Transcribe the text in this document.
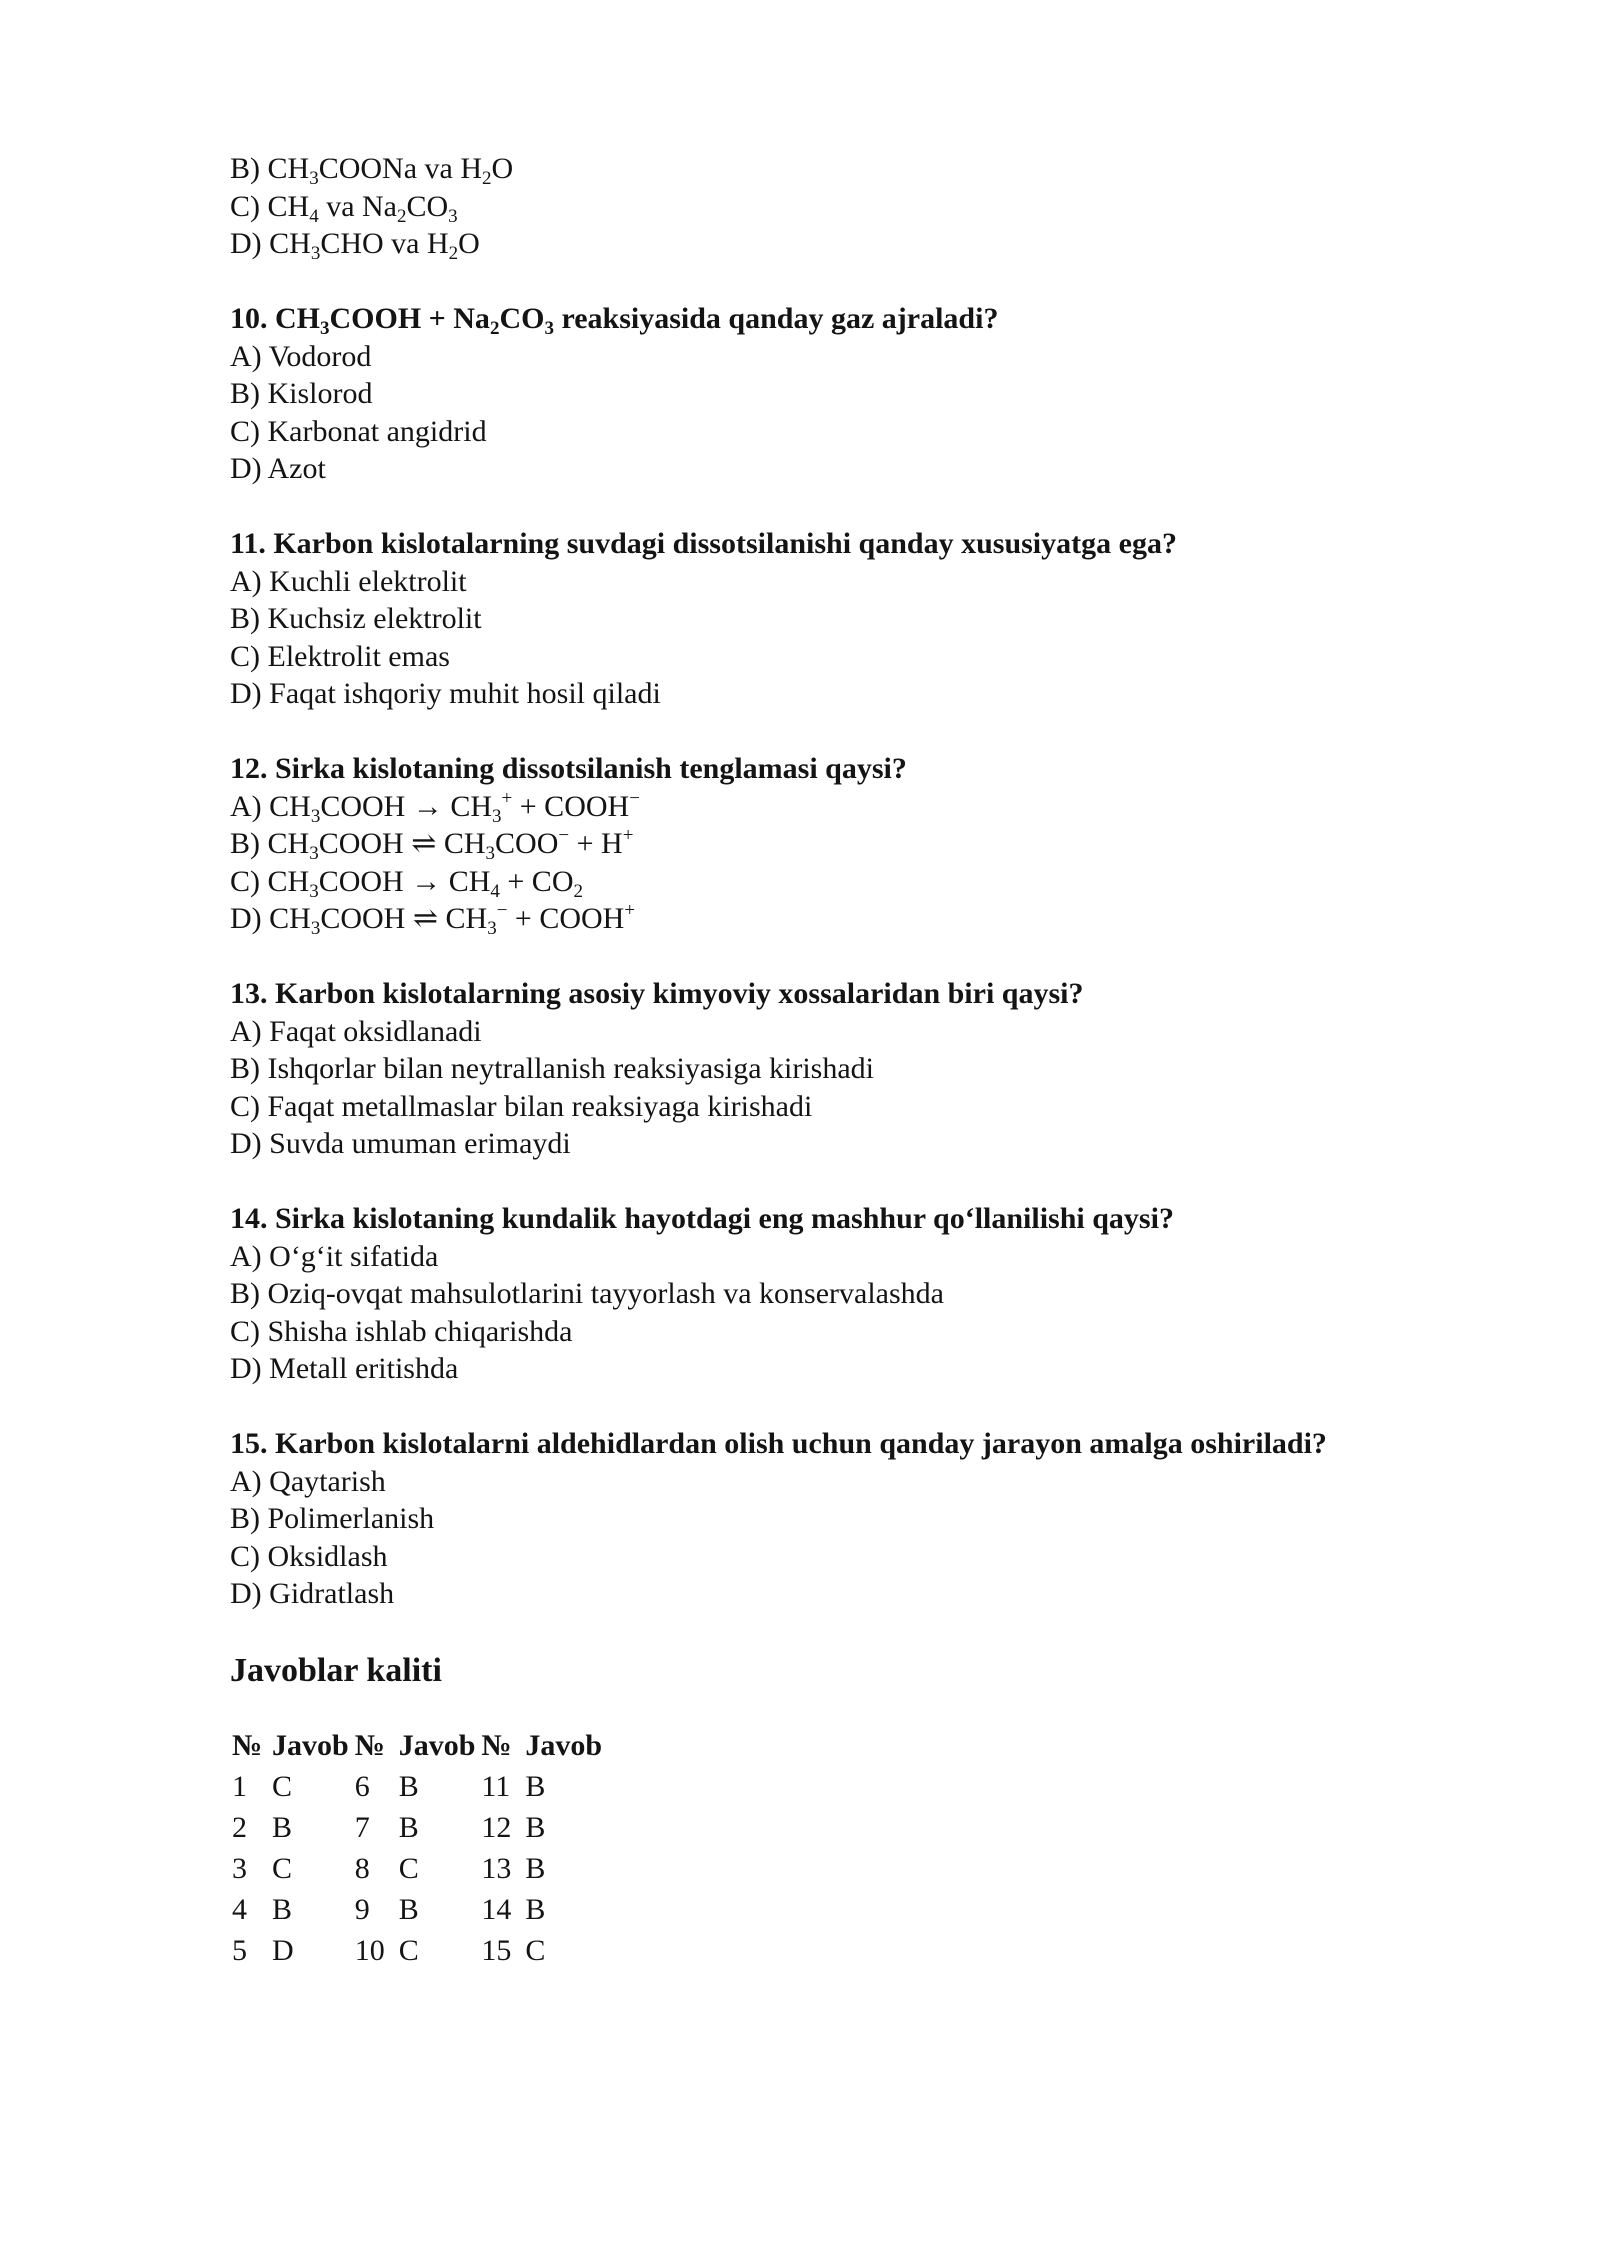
B) $CH_3COONa$ va $H_2O$
C) $CH_4$ va $Na_2CO_3$
D) $CH_3CHO$ va $H_2O$
10. $CH_3COOH + Na_2CO_3$ reaksiyasida qanday gaz ajraladi?
A) Vodorod
B) Kislorod
C) Karbonat angidrid
D) Azot
11. Karbon kislotalarning suvdagi dissotsilanishi qanday xususiyatga ega?
A) Kuchli elektrolit
B) Kuchsiz elektrolit
C) Elektrolit emas
D) Faqat ishqoriy muhit hosil qiladi
12. Sirka kislotaning dissotsilanish tenglamasi qaysi?
A) $CH_3COOH \to CH_3^+$ + COOH−
B) $CH_3COOH$ ⇌ $CH_3COO^- + H^+$
C) $CH_3COOH \to CH_4 + CO_2$
D) $CH_3COOH$ ⇌ $CH_3^-$ + COOH+
13. Karbon kislotalarning asosiy kimyoviy xossalaridan biri qaysi?
A) Faqat oksidlanadi
B) Ishqorlar bilan neytrallanish reaksiyasiga kirishadi
C) Faqat metallmaslar bilan reaksiyaga kirishadi
D) Suvda umuman erimaydi
14. Sirka kislotaning kundalik hayotdagi eng mashhur qo‘llanilishi qaysi?
A) O‘g‘it sifatida
B) Oziq-ovqat mahsulotlarini tayyorlash va konservalashda
C) Shisha ishlab chiqarishda
D) Metall eritishda
15. Karbon kislotalarni aldehidlardan olish uchun qanday jarayon amalga oshiriladi?
A) Qaytarish
B) Polimerlanish
C) Oksidlash
D) Gidratlash
Javoblar kaliti
№	Javob	№	Javob	№	Javob
1	C	6	B	11	B
2	B	7	B	12	B
3	C	8	C	13	B
4	B	9	B	14	B
5	D	10	C	15	C
